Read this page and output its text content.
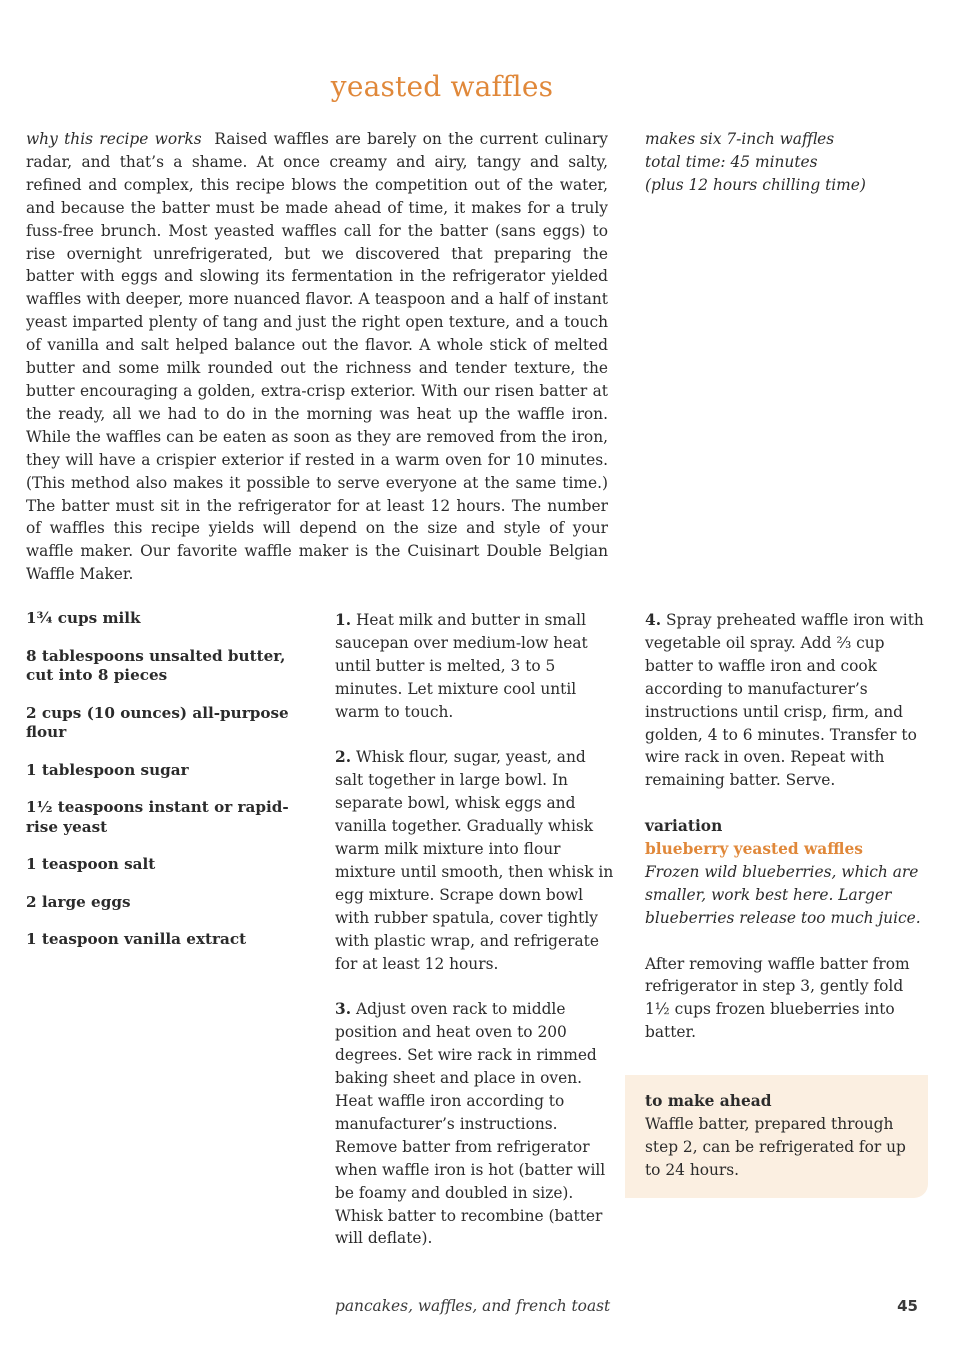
yeasted waffles
why this recipe works Raised waffles are barely on the current culinary radar, and that’s a shame. At once creamy and airy, tangy and salty, refined and complex, this recipe blows the competition out of the water, and because the batter must be made ahead of time, it makes for a truly fuss-free brunch. Most yeasted waffles call for the batter (sans eggs) to rise overnight unrefrigerated, but we discovered that preparing the batter with eggs and slowing its fermentation in the refrigerator yielded waffles with deeper, more nuanced flavor. A teaspoon and a half of instant yeast imparted plenty of tang and just the right open texture, and a touch of vanilla and salt helped balance out the flavor. A whole stick of melted butter and some milk rounded out the richness and tender texture, the butter encouraging a golden, extra-crisp exterior. With our risen batter at the ready, all we had to do in the morning was heat up the waffle iron. While the waffles can be eaten as soon as they are removed from the iron, they will have a crispier exterior if rested in a warm oven for 10 minutes. (This method also makes it possible to serve everyone at the same time.) The batter must sit in the refrigerator for at least 12 hours. The number of waffles this recipe yields will depend on the size and style of your waffle maker. Our favorite waffle maker is the Cuisinart Double Belgian Waffle Maker.
makes six 7-inch waffles
total time: 45 minutes
(plus 12 hours chilling time)
1¾ cups milk
8 tablespoons unsalted butter, cut into 8 pieces
2 cups (10 ounces) all-purpose flour
1 tablespoon sugar
1½ teaspoons instant or rapid-rise yeast
1 teaspoon salt
2 large eggs
1 teaspoon vanilla extract
1. Heat milk and butter in small saucepan over medium-low heat until butter is melted, 3 to 5 minutes. Let mixture cool until warm to touch.
2. Whisk flour, sugar, yeast, and salt together in large bowl. In separate bowl, whisk eggs and vanilla together. Gradually whisk warm milk mixture into flour mixture until smooth, then whisk in egg mixture. Scrape down bowl with rubber spatula, cover tightly with plastic wrap, and refrigerate for at least 12 hours.
3. Adjust oven rack to middle position and heat oven to 200 degrees. Set wire rack in rimmed baking sheet and place in oven. Heat waffle iron according to manufacturer’s instructions. Remove batter from refrigerator when waffle iron is hot (batter will be foamy and doubled in size). Whisk batter to recombine (batter will deflate).
4. Spray preheated waffle iron with vegetable oil spray. Add ⅔ cup batter to waffle iron and cook according to manufacturer’s instructions until crisp, firm, and golden, 4 to 6 minutes. Transfer to wire rack in oven. Repeat with remaining batter. Serve.
variation
blueberry yeasted waffles
Frozen wild blueberries, which are smaller, work best here. Larger blueberries release too much juice.
After removing waffle batter from refrigerator in step 3, gently fold 1½ cups frozen blueberries into batter.
to make ahead
Waffle batter, prepared through step 2, can be refrigerated for up to 24 hours.
pancakes, waffles, and french toast	45
